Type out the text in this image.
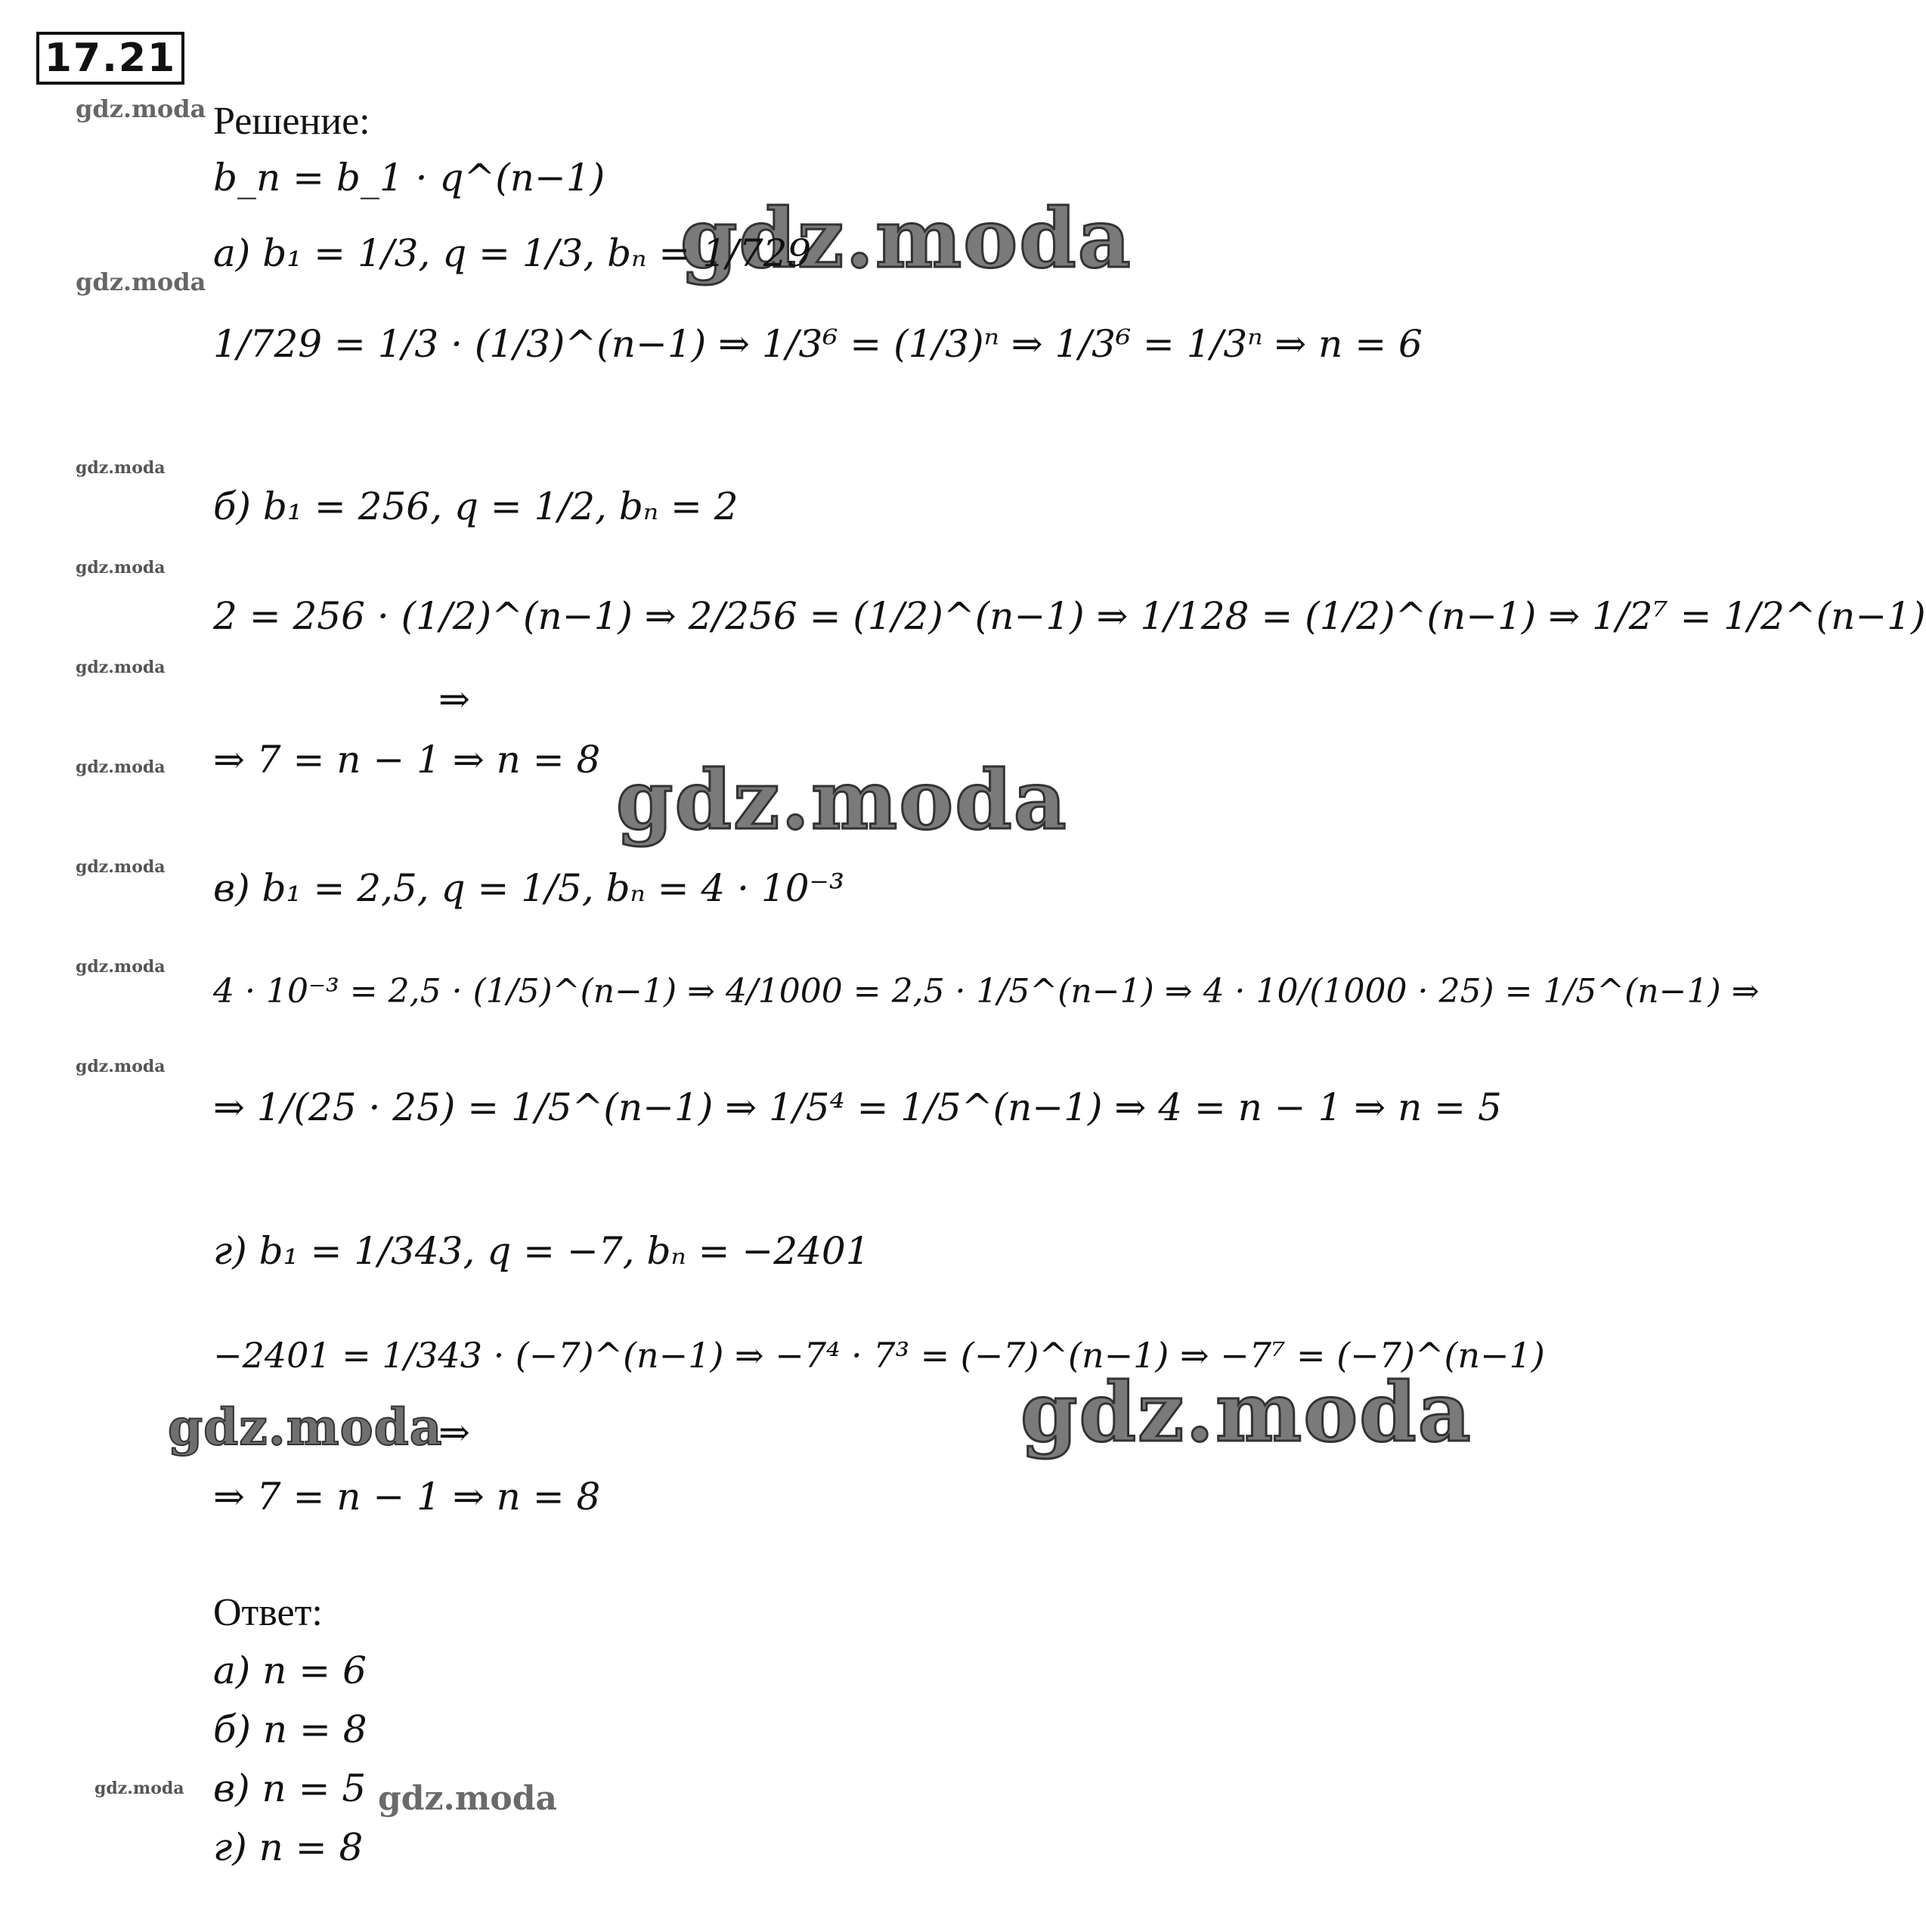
17.21
gdz.moda
gdz.moda
gdz.moda
gdz.moda
gdz.moda
gdz.moda
gdz.moda
gdz.moda
gdz.moda
gdz.moda
gdz.moda
gdz.moda
gdz.moda
gdz.moda
gdz.moda
Решение:
b_n = b_1 · q^(n−1)
а) b₁ = 1/3, q = 1/3, bₙ = 1/729
1/729 = 1/3 · (1/3)^(n−1) ⇒ 1/3⁶ = (1/3)ⁿ ⇒ 1/3⁶ = 1/3ⁿ ⇒ n = 6
б) b₁ = 256, q = 1/2, bₙ = 2
2 = 256 · (1/2)^(n−1) ⇒ 2/256 = (1/2)^(n−1) ⇒ 1/128 = (1/2)^(n−1) ⇒ 1/2⁷ = 1/2^(n−1)
⇒
⇒ 7 = n − 1 ⇒ n = 8
в) b₁ = 2,5, q = 1/5, bₙ = 4 · 10⁻³
4 · 10⁻³ = 2,5 · (1/5)^(n−1) ⇒ 4/1000 = 2,5 · 1/5^(n−1) ⇒ 4 · 10/(1000 · 25) = 1/5^(n−1) ⇒
⇒ 1/(25 · 25) = 1/5^(n−1) ⇒ 1/5⁴ = 1/5^(n−1) ⇒ 4 = n − 1 ⇒ n = 5
г) b₁ = 1/343, q = −7, bₙ = −2401
−2401 = 1/343 · (−7)^(n−1) ⇒ −7⁴ · 7³ = (−7)^(n−1) ⇒ −7⁷ = (−7)^(n−1)
⇒
⇒ 7 = n − 1 ⇒ n = 8
Ответ:
а) n = 6
б) n = 8
в) n = 5
г) n = 8
